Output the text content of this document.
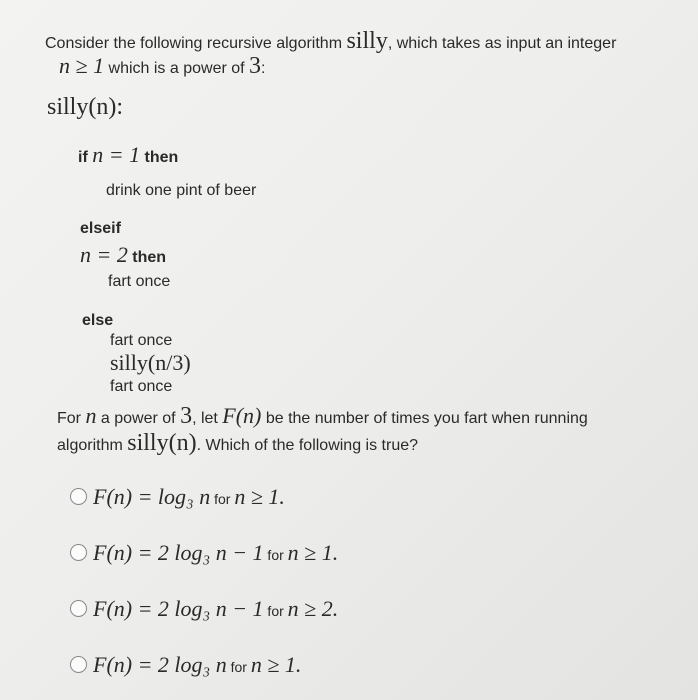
Consider the following recursive algorithm silly, which takes as input an integer
n ≥ 1 which is a power of 3:
silly(n):
if n = 1 then
drink one pint of beer
elseif
n = 2 then
fart once
else
fart once
silly(n/3)
fart once
For n a power of 3, let F(n) be the number of times you fart when running
algorithm silly(n). Which of the following is true?
F(n) = log₃ n for n ≥ 1.
F(n) = 2 log₃ n − 1 for n ≥ 1.
F(n) = 2 log₃ n − 1 for n ≥ 2.
F(n) = 2 log₃ n for n ≥ 1.
